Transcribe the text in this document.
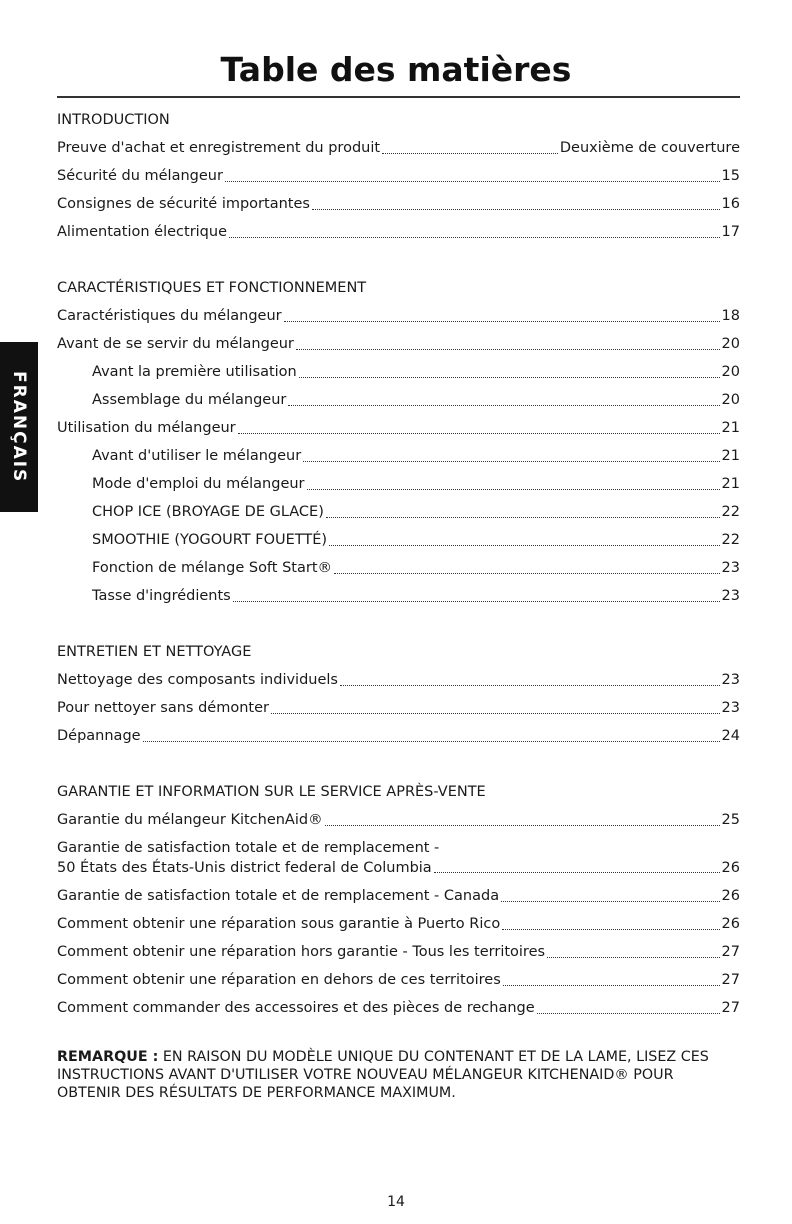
Table des matières
FRANÇAIS
INTRODUCTION
Preuve d'achat et enregistrement du produit	Deuxième de couverture
Sécurité du mélangeur	15
Consignes de sécurité importantes	16
Alimentation électrique	17
CARACTÉRISTIQUES ET FONCTIONNEMENT
Caractéristiques du mélangeur	18
Avant de se servir du mélangeur	20
Avant la première utilisation	20
Assemblage du mélangeur	20
Utilisation du mélangeur	21
Avant d'utiliser le mélangeur	21
Mode d'emploi du mélangeur	21
CHOP ICE (BROYAGE DE GLACE)	22
SMOOTHIE (YOGOURT FOUETTÉ)	22
Fonction de mélange Soft Start®	23
Tasse d'ingrédients	23
ENTRETIEN ET NETTOYAGE
Nettoyage des composants individuels	23
Pour nettoyer sans démonter	23
Dépannage	24
GARANTIE ET INFORMATION SUR LE SERVICE APRÈS-VENTE
Garantie du mélangeur KitchenAid®	25
Garantie de satisfaction totale et de remplacement -
50 États des États-Unis district federal de Columbia	26
Garantie de satisfaction totale et de remplacement - Canada	26
Comment obtenir une réparation sous garantie à Puerto Rico	26
Comment obtenir une réparation hors garantie - Tous les territoires	27
Comment obtenir une réparation en dehors de ces territoires	27
Comment commander des accessoires et des pièces de rechange	27
REMARQUE : EN RAISON DU MODÈLE UNIQUE DU CONTENANT ET DE LA LAME, LISEZ CES INSTRUCTIONS AVANT D'UTILISER VOTRE NOUVEAU MÉLANGEUR KITCHENAID® POUR OBTENIR DES RÉSULTATS DE PERFORMANCE MAXIMUM.
14
